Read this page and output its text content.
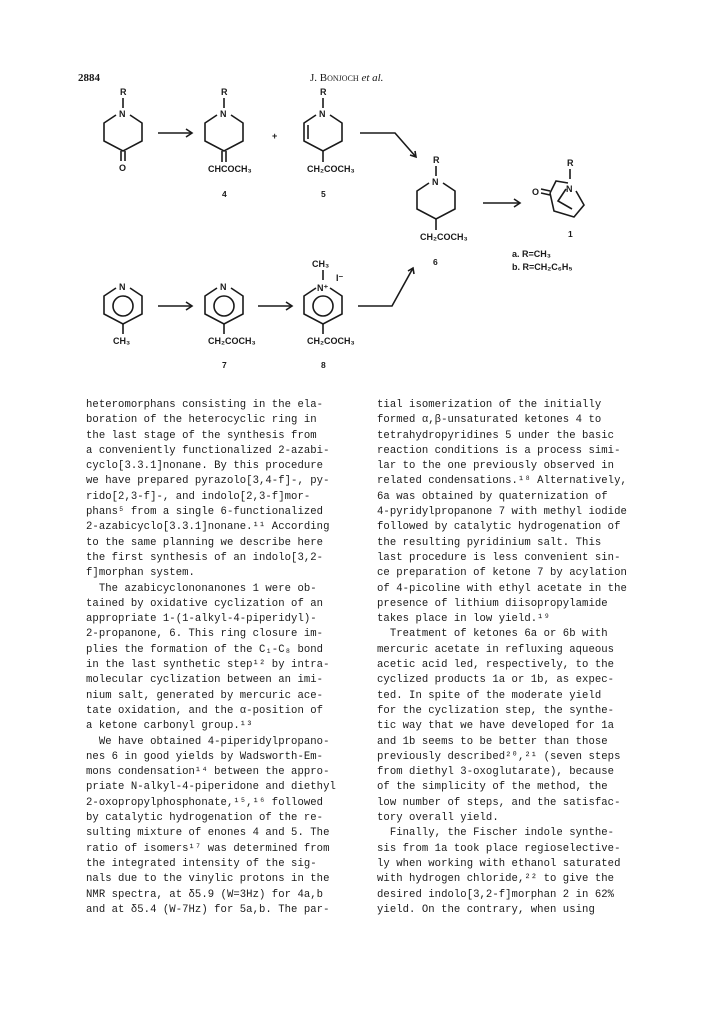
2884	J. Bonjoch et al.
R
N
O
R
N
CHCOCH₃
4
+
R
N
CH₂COCH₃
5
R
N
CH₂COCH₃
6
R
N
O
1
a. R=CH₃
b. R=CH₂C₆H₅
N
CH₃
N
CH₂COCH₃
7
CH₃
N⁺
I⁻
CH₂COCH₃
8
heteromorphans consisting in the ela-
boration of the heterocyclic ring in
the last stage of the synthesis from
a conveniently functionalized 2-azabi-
cyclo[3.3.1]nonane. By this procedure
we have prepared pyrazolo[3,4-f]-, py-
rido[2,3-f]-, and indolo[2,3-f]mor-
phans⁵ from a single 6-functionalized
2-azabicyclo[3.3.1]nonane.¹¹ According
to the same planning we describe here
the first synthesis of an indolo[3,2-
f]morphan system.
The azabicyclononanones 1 were ob-
tained by oxidative cyclization of an
appropriate 1-(1-alkyl-4-piperidyl)-
2-propanone, 6. This ring closure im-
plies the formation of the C₁-C₈ bond
in the last synthetic step¹² by intra-
molecular cyclization between an imi-
nium salt, generated by mercuric ace-
tate oxidation, and the α-position of
a ketone carbonyl group.¹³
We have obtained 4-piperidylpropano-
nes 6 in good yields by Wadsworth-Em-
mons condensation¹⁴ between the appro-
priate N-alkyl-4-piperidone and diethyl
2-oxopropylphosphonate,¹⁵,¹⁶ followed
by catalytic hydrogenation of the re-
sulting mixture of enones 4 and 5. The
ratio of isomers¹⁷ was determined from
the integrated intensity of the sig-
nals due to the vinylic protons in the
NMR spectra, at δ5.9 (W=3Hz) for 4a,b
and at δ5.4 (W-7Hz) for 5a,b. The par-
tial isomerization of the initially
formed α,β-unsaturated ketones 4 to
tetrahydropyridines 5 under the basic
reaction conditions is a process simi-
lar to the one previously observed in
related condensations.¹⁸ Alternatively,
6a was obtained by quaternization of
4-pyridylpropanone 7 with methyl iodide
followed by catalytic hydrogenation of
the resulting pyridinium salt. This
last procedure is less convenient sin-
ce preparation of ketone 7 by acylation
of 4-picoline with ethyl acetate in the
presence of lithium diisopropylamide
takes place in low yield.¹⁹
Treatment of ketones 6a or 6b with
mercuric acetate in refluxing aqueous
acetic acid led, respectively, to the
cyclized products 1a or 1b, as expec-
ted. In spite of the moderate yield
for the cyclization step, the synthe-
tic way that we have developed for 1a
and 1b seems to be better than those
previously described²⁰,²¹ (seven steps
from diethyl 3-oxoglutarate), because
of the simplicity of the method, the
low number of steps, and the satisfac-
tory overall yield.
Finally, the Fischer indole synthe-
sis from 1a took place regioselective-
ly when working with ethanol saturated
with hydrogen chloride,²² to give the
desired indolo[3,2-f]morphan 2 in 62%
yield. On the contrary, when using
